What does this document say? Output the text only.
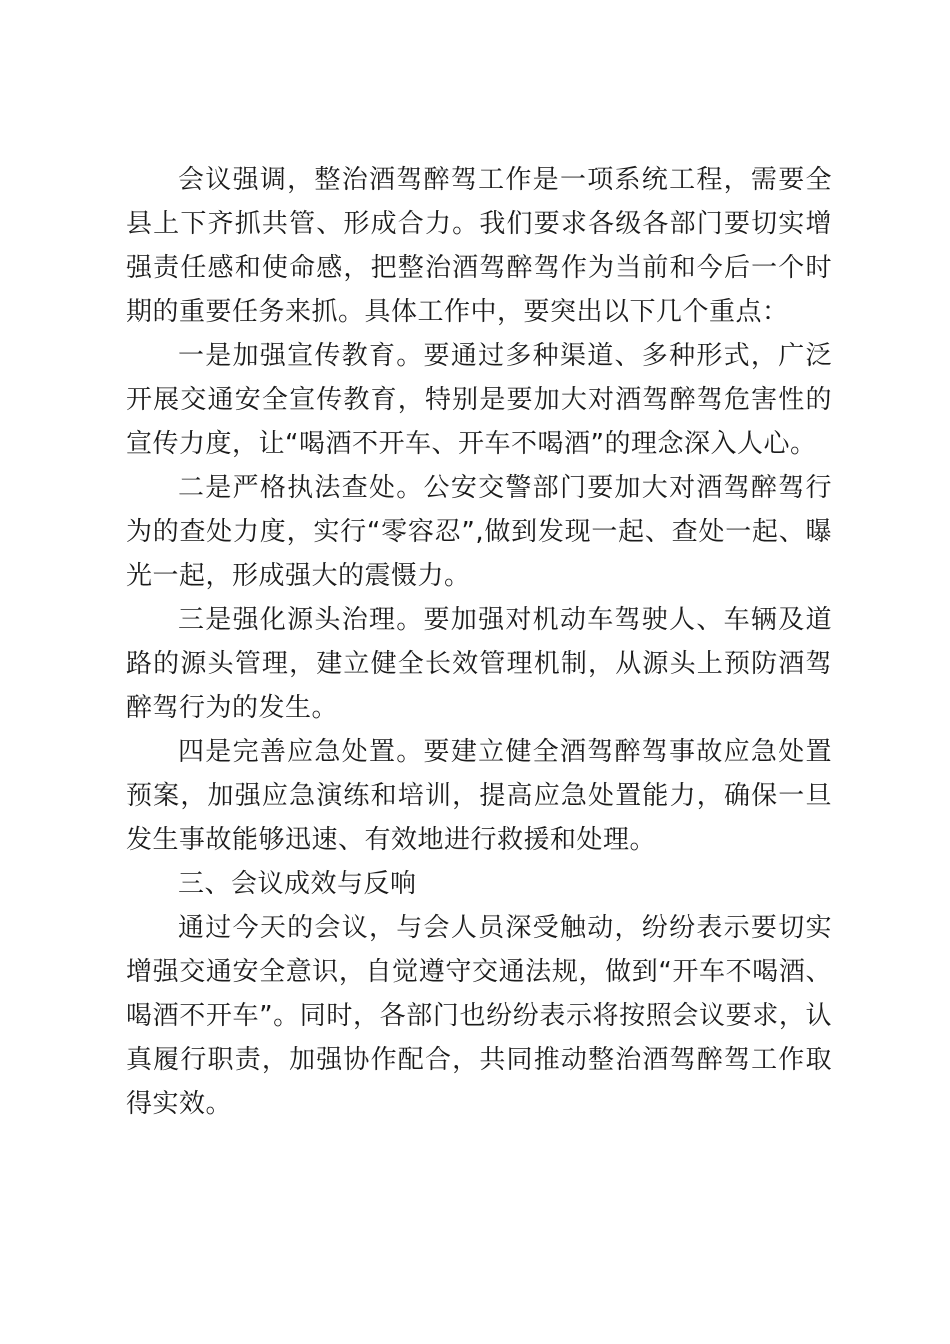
会议强调，整治酒驾醉驾工作是一项系统工程，需要全县上下齐抓共管、形成合力。我们要求各级各部门要切实增强责任感和使命感，把整治酒驾醉驾作为当前和今后一个时期的重要任务来抓。具体工作中，要突出以下几个重点：

一是加强宣传教育。要通过多种渠道、多种形式，广泛开展交通安全宣传教育，特别是要加大对酒驾醉驾危害性的宣传力度，让“喝酒不开车、开车不喝酒”的理念深入人心。

二是严格执法查处。公安交警部门要加大对酒驾醉驾行为的查处力度，实行“零容忍”,做到发现一起、查处一起、曝光一起，形成强大的震慑力。

三是强化源头治理。要加强对机动车驾驶人、车辆及道路的源头管理，建立健全长效管理机制，从源头上预防酒驾醉驾行为的发生。

四是完善应急处置。要建立健全酒驾醉驾事故应急处置预案，加强应急演练和培训，提高应急处置能力，确保一旦发生事故能够迅速、有效地进行救援和处理。

三、会议成效与反响

通过今天的会议，与会人员深受触动，纷纷表示要切实增强交通安全意识，自觉遵守交通法规，做到“开车不喝酒、喝酒不开车”。同时，各部门也纷纷表示将按照会议要求，认真履行职责，加强协作配合，共同推动整治酒驾醉驾工作取得实效。
